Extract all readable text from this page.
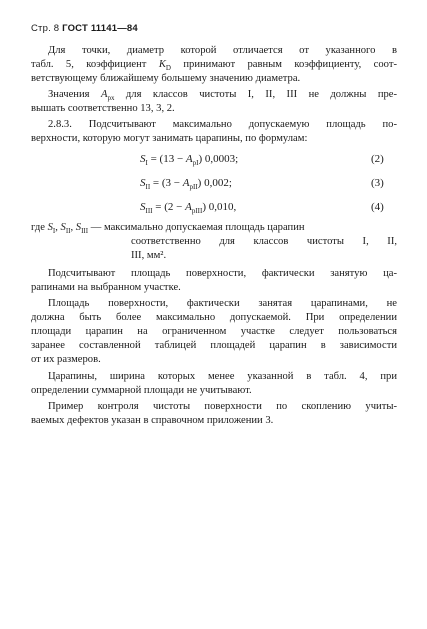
Стр. 8 ГОСТ 11141—84
Для точки, диаметр которой отличается от указанного в
табл. 5, коэффициент $K_D$ принимают равным коэффициенту, соот-
ветствующему ближайшему большему значению диаметра.
Значения $A_{px}$ для классов чистоты I, II, III не должны пре-
вышать соответственно 13, 3, 2.
2.8.3. Подсчитывают максимально допускаемую площадь по-
верхности, которую могут занимать царапины, по формулам:
$S_I = (13 - A_{pI})$ 0,0003;	(2)
$S_{II} = (3 - A_{pII})$ 0,002;	(3)
$S_{III} = (2 - A_{pIII})$ 0,010,	(4)
где $S_I$, $S_{II}$, $S_{III}$ — максимально допускаемая площадь царапин
соответственно для классов чистоты I, II,
III, мм².
Подсчитывают площадь поверхности, фактически занятую ца-
рапинами на выбранном участке.
Площадь поверхности, фактически занятая царапинами, не
должна быть более максимально допускаемой. При определении
площади царапин на ограниченном участке следует пользоваться
заранее составленной таблицей площадей царапин в зависимости
от их размеров.
Царапины, ширина которых менее указанной в табл. 4, при
определении суммарной площади не учитывают.
Пример контроля чистоты поверхности по скоплению учиты-
ваемых дефектов указан в справочном приложении 3.
